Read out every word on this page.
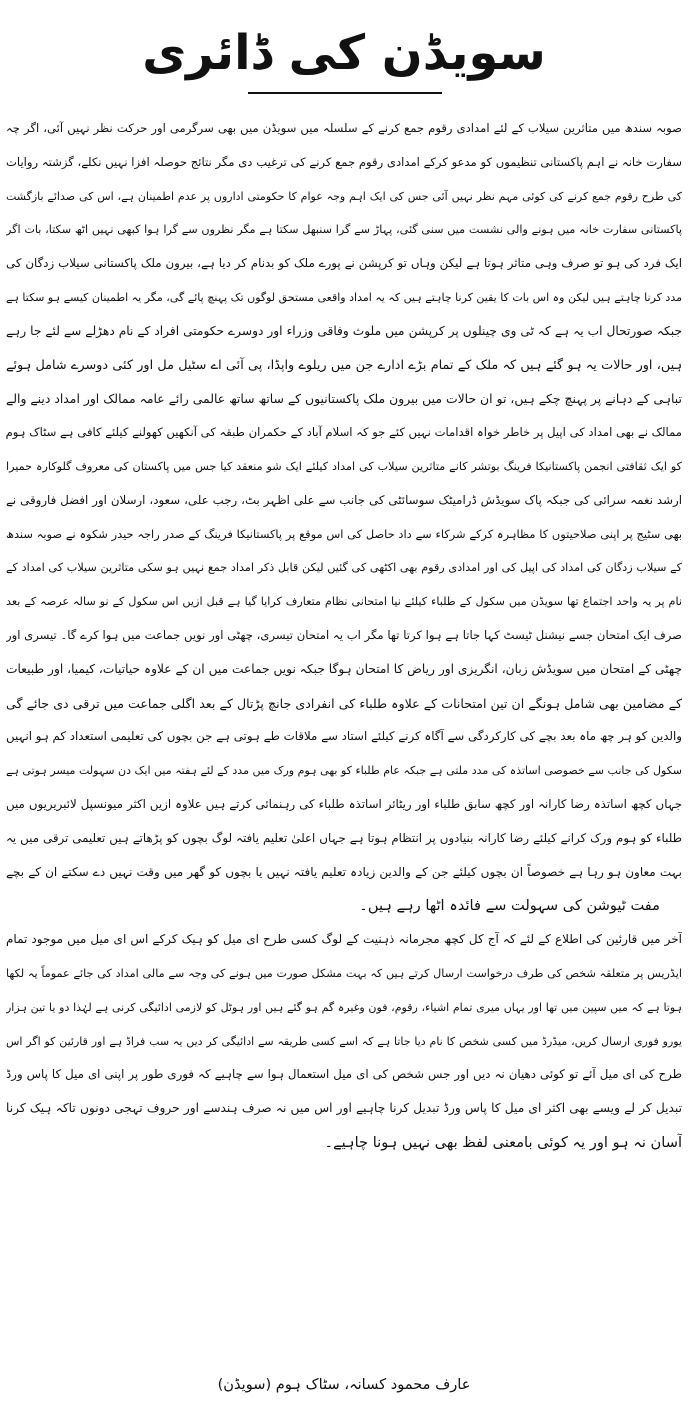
سویڈن کی ڈائری
صوبہ سندھ میں متاثرین سیلاب کے لئے امدادی رقوم جمع کرنے کے سلسلہ میں سویڈن میں بھی سرگرمی اور حرکت نظر نہیں آئی، اگر چہ
سفارت خانہ نے اہم پاکستانی تنظیموں کو مدعو کرکے امدادی رقوم جمع کرنے کی ترغیب دی مگر نتائج حوصلہ افزا نہیں نکلے، گزشتہ روایات
کی طرح رقوم جمع کرنے کی کوئی مہم نظر نہیں آئی جس کی ایک اہم وجہ عوام کا حکومتی اداروں پر عدم اطمینان ہے، اس کی صدائے بازگشت
پاکستانی سفارت خانہ میں ہونے والی نشست میں سنی گئی، پہاڑ سے گرا سنبھل سکتا ہے مگر نظروں سے گرا ہوا کبھی نہیں اٹھ سکتا، بات اگر
ایک فرد کی ہو تو صرف وہی متاثر ہوتا ہے لیکن وہاں تو کرپشن نے پورے ملک کو بدنام کر دیا ہے، بیرون ملک پاکستانی سیلاب زدگان کی
مدد کرنا چاہتے ہیں لیکن وہ اس بات کا یقین کرنا چاہتے ہیں کہ یہ امداد واقعی مستحق لوگوں تک پہنچ پائے گی، مگر یہ اطمینان کیسے ہو سکتا ہے
جبکہ صورتحال اب یہ ہے کہ ٹی وی چینلوں پر کرپشن میں ملوث وفاقی وزراء اور دوسرے حکومتی افراد کے نام دھڑلے سے لئے جا رہے
ہیں، اور حالات یہ ہو گئے ہیں کہ ملک کے تمام بڑے ادارے جن میں ریلوے واپڈا، پی آئی اے سٹیل مل اور کئی دوسرے شامل ہوئے
تباہی کے دہانے پر پہنچ چکے ہیں، تو ان حالات میں بیرون ملک پاکستانیوں کے ساتھ ساتھ عالمی رائے عامہ ممالک اور امداد دینے والے
ممالک نے بھی امداد کی اپیل پر خاطر خواہ اقدامات نہیں کئے جو کہ اسلام آباد کے حکمران طبقہ کی آنکھیں کھولنے کیلئے کافی ہے سٹاک ہوم
کو ایک ثقافتی انجمن پاکستانیکا فرینگ بوتشر کانے متاثرین سیلاب کی امداد کیلئے ایک شو منعقد کیا جس میں پاکستان کی معروف گلوکارہ حمیرا
ارشد نغمہ سرائی کی جبکہ پاک سویڈش ڈرامیٹک سوسائٹی کی جانب سے علی اظہر بٹ، رجب علی، سعود، ارسلان اور افضل فاروقی نے
بھی سٹیج پر اپنی صلاحیتوں کا مظاہرہ کرکے شرکاء سے داد حاصل کی اس موقع پر پاکستانیکا فرینگ کے صدر راجہ حیدر شکوہ نے صوبہ سندھ
کے سیلاب زدگان کی امداد کی اپیل کی اور امدادی رقوم بھی اکٹھی کی گئیں لیکن قابل ذکر امداد جمع نہیں ہو سکی متاثرین سیلاب کی امداد کے
نام پر یہ واحد اجتماع تھا سویڈن میں سکول کے طلباء کیلئے نیا امتحانی نظام متعارف کرایا گیا ہے قبل ازیں اس سکول کے نو سالہ عرصہ کے بعد
صرف ایک امتحان جسے نیشنل ٹیسٹ کہا جاتا ہے ہوا کرتا تھا مگر اب یہ امتحان تیسری، چھٹی اور نویں جماعت میں ہوا کرے گا۔ تیسری اور
چھٹی کے امتحان میں سویڈش زبان، انگریزی اور ریاض کا امتحان ہوگا جبکہ نویں جماعت میں ان کے علاوہ حیاتیات، کیمیا، اور طبیعات
کے مضامین بھی شامل ہونگے ان تین امتحانات کے علاوہ طلباء کی انفرادی جانچ پڑتال کے بعد اگلی جماعت میں ترقی دی جائے گی
والدین کو ہر چھ ماہ بعد بچے کی کارکردگی سے آگاہ کرنے کیلئے استاد سے ملاقات طے ہوتی ہے جن بچوں کی تعلیمی استعداد کم ہو انہیں
سکول کی جانب سے خصوصی اساتذہ کی مدد ملتی ہے جبکہ عام طلباء کو بھی ہوم ورک میں مدد کے لئے ہفتہ میں ایک دن سہولت میسر ہوتی ہے
جہاں کچھ اساتذہ رضا کارانہ اور کچھ سابق طلباء اور ریٹائر اساتذہ طلباء کی رہنمائی کرتے ہیں علاوہ ازیں اکثر میونسپل لائبریریوں میں
طلباء کو ہوم ورک کرانے کیلئے رضا کارانہ بنیادوں پر انتظام ہوتا ہے جہاں اعلیٰ تعلیم یافتہ لوگ بچوں کو پڑھاتے ہیں تعلیمی ترقی میں یہ
بہت معاون ہو رہا ہے خصوصاً ان بچوں کیلئے جن کے والدین زیادہ تعلیم یافتہ نہیں یا بچوں کو گھر میں وقت نہیں دے سکتے ان کے بچے
مفت ٹیوشن کی سہولت سے فائدہ اٹھا رہے ہیں۔
آخر میں قارئین کی اطلاع کے لئے کہ آج کل کچھ مجرمانہ ذہنیت کے لوگ کسی طرح ای میل کو ہیک کرکے اس ای میل میں موجود تمام
ایڈریس پر متعلقہ شخص کی طرف درخواست ارسال کرتے ہیں کہ بہت مشکل صورت میں ہونے کی وجہ سے مالی امداد کی جائے عموماً یہ لکھا
ہوتا ہے کہ میں سپین میں تھا اور یہاں میری تمام اشیاء، رقوم، فون وغیرہ گم ہو گئے ہیں اور ہوٹل کو لازمی ادائیگی کرنی ہے لہٰذا دو یا تین ہزار
یورو فوری ارسال کریں، میڈرڈ میں کسی شخص کا نام دیا جاتا ہے کہ اسے کسی طریقہ سے ادائیگی کر دیں یہ سب فراڈ ہے اور قارئین کو اگر اس
طرح کی ای میل آئے تو کوئی دھیان نہ دیں اور جس شخص کی ای میل استعمال ہوا سے چاہیے کہ فوری طور پر اپنی ای میل کا پاس ورڈ
تبدیل کر لے ویسے بھی اکثر ای میل کا پاس ورڈ تبدیل کرنا چاہیے اور اس میں نہ صرف ہندسے اور حروف تہجی دونوں تاکہ ہیک کرنا
آسان نہ ہو اور یہ کوئی بامعنی لفظ بھی نہیں ہونا چاہیے۔
عارف محمود کسانہ، سٹاک ہوم (سویڈن)
